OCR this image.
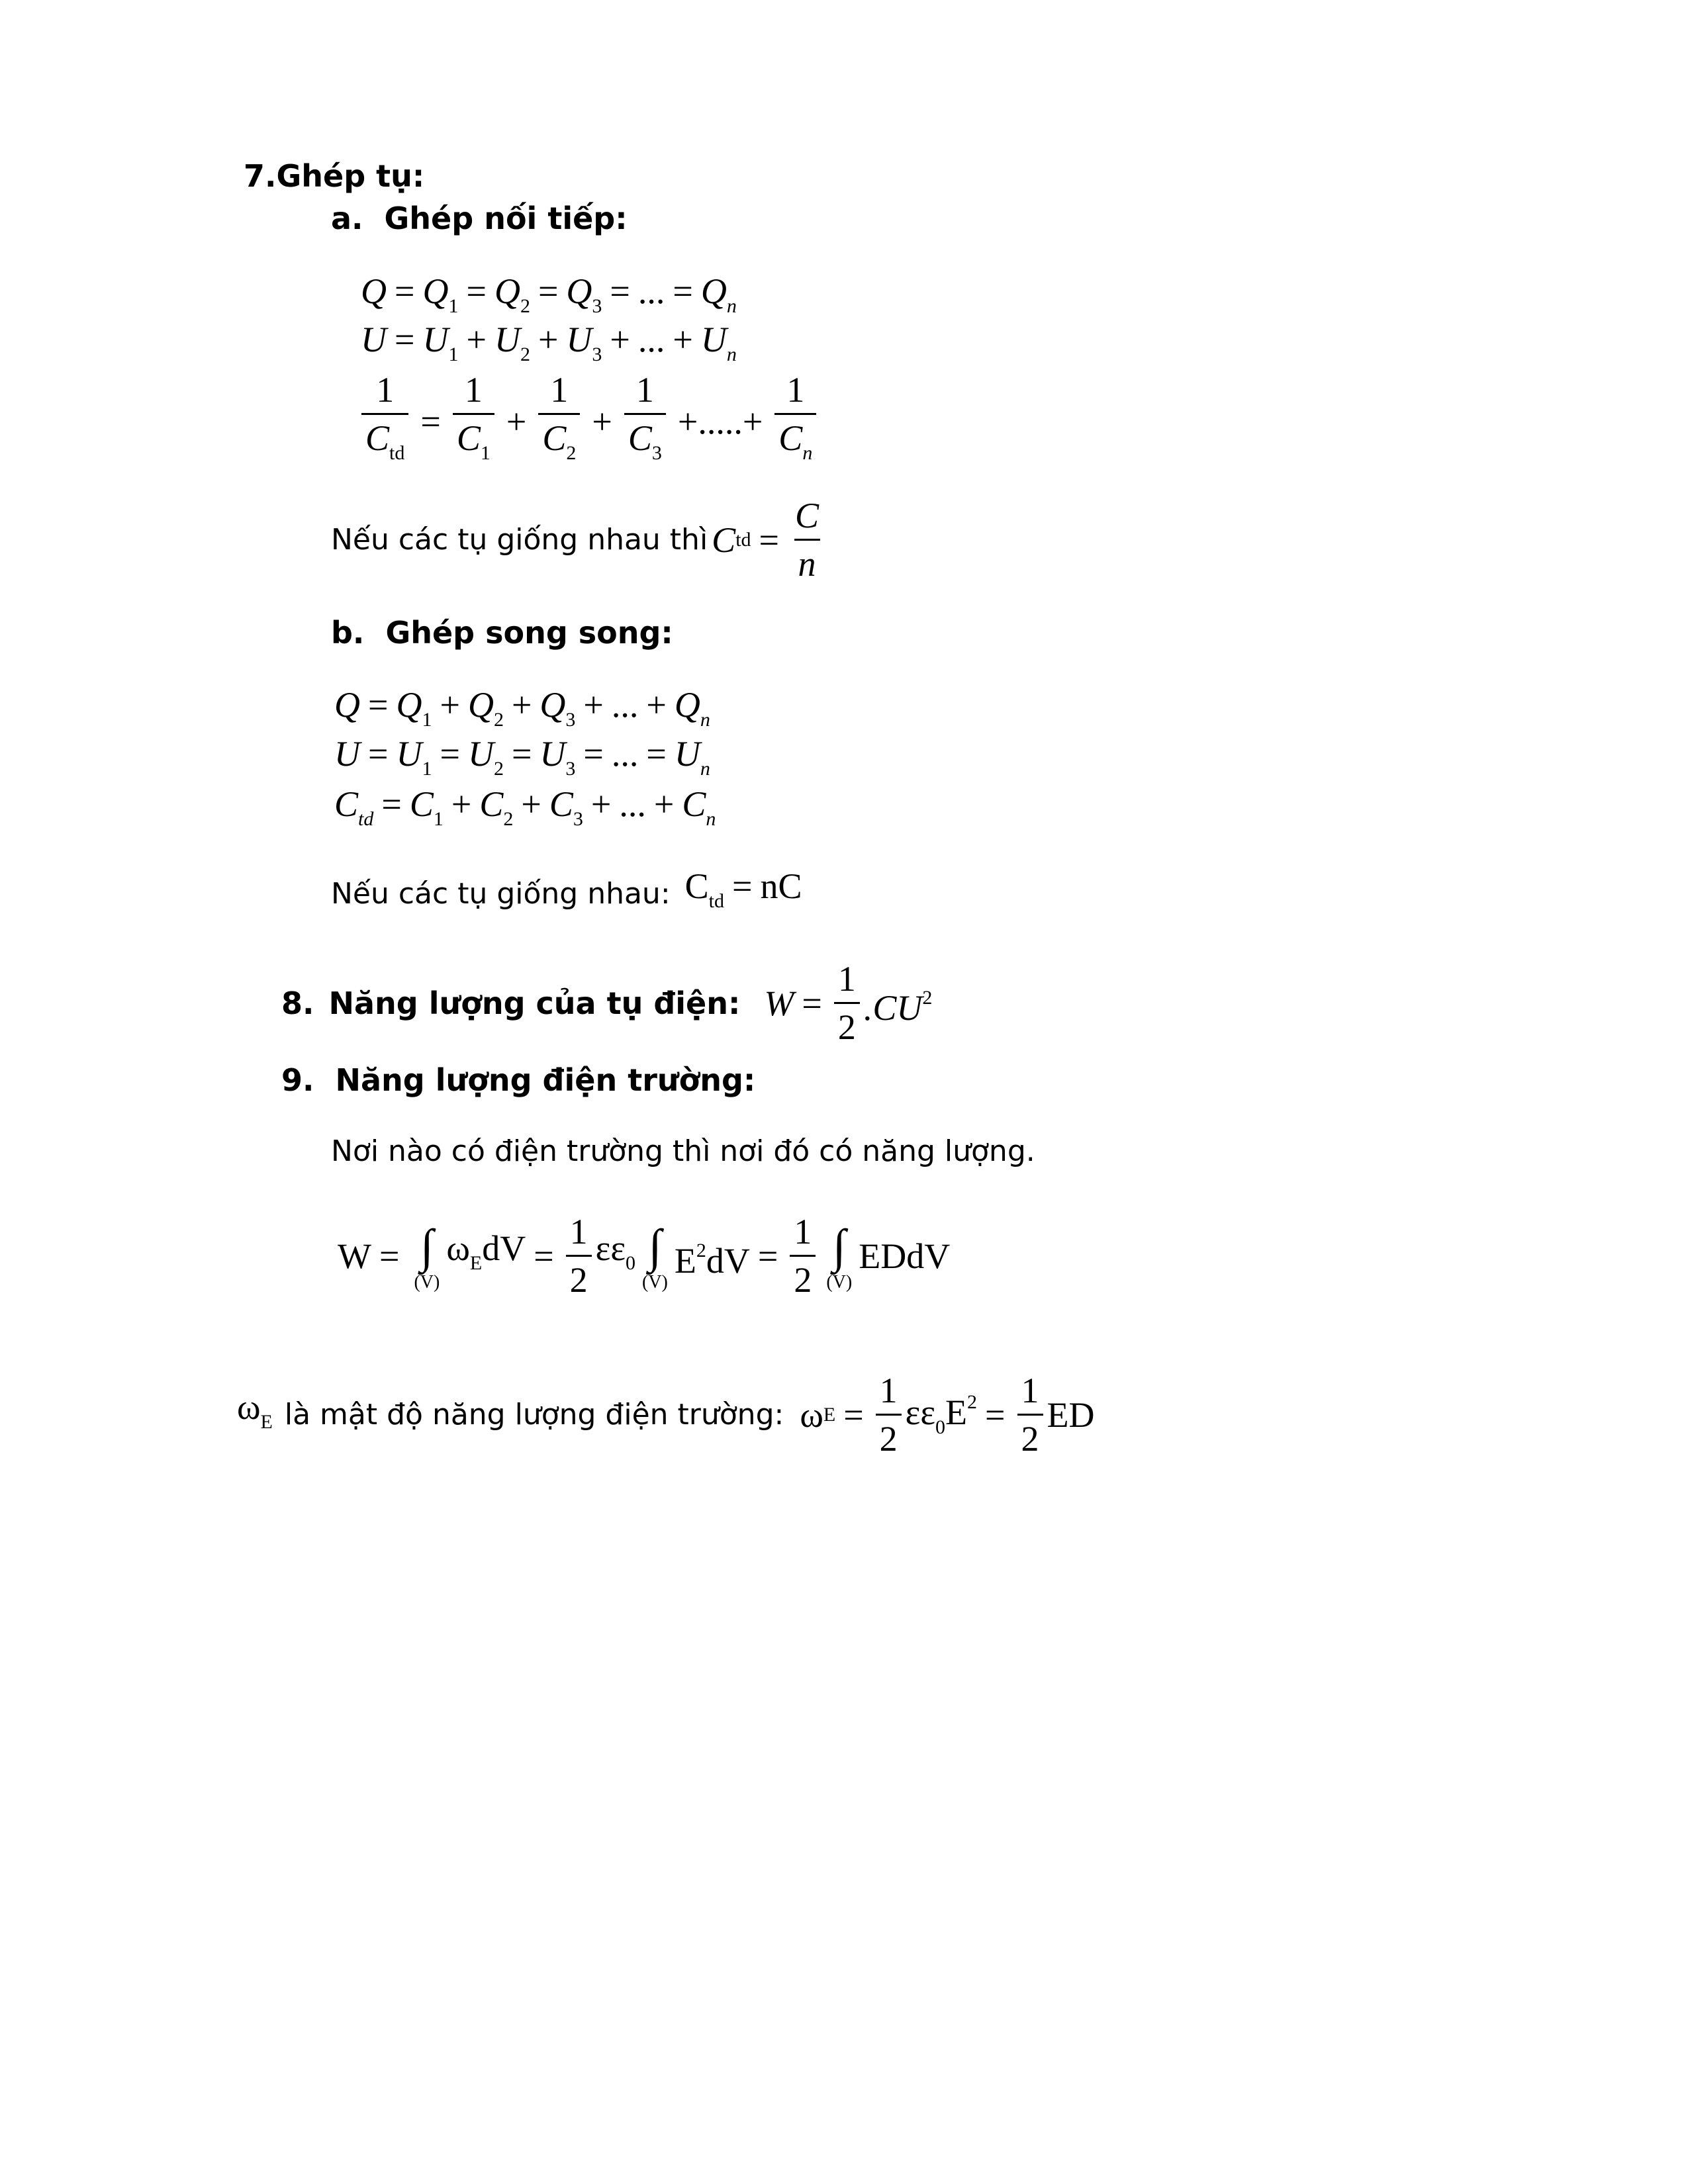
7.Ghép tụ:
a. Ghép nối tiếp:
$Q = Q_1 = Q_2 = Q_3$ = ... = $Q_n$
$U = U_1 + U_2 + U_3$ + ... + $U_n$
$\frac{1}{C_{td}} = \frac{1}{C_1} + \frac{1}{C_2} + \frac{1}{C_3}$ +.....+ $\frac{1}{C_n}$
Nếu các tụ giống nhau thì C td = $\frac{C}{n}$
b. Ghép song song:
$Q = Q_1 + Q_2 + Q_3$ + ... + $Q_n$
$U = U_1 = U_2 = U_3$ = ... = $U_n$
$C_{td} = C_1 + C_2 + C_3$ + ... + $C_n$
Nếu các tụ giống nhau: $C_{td}$ = nC
8. Năng lượng của tụ điện: $W = \frac{1}{2} .CU^2$
9. Năng lượng điện trường:
Nơi nào có điện trường thì nơi đó có năng lượng.
W = ∫
(V)
$\omega_EdV = \frac{1}{2} \varepsilon\varepsilon_0$ ∫
(V)
$E^2dV = \frac{1}{2}$ ∫
(V)
EDdV
$\omega_E$ là mật độ năng lượng điện trường: ω $E = \frac{1}{2} \varepsilon\varepsilon_0E^2 = \frac{1}{2}$ ED
